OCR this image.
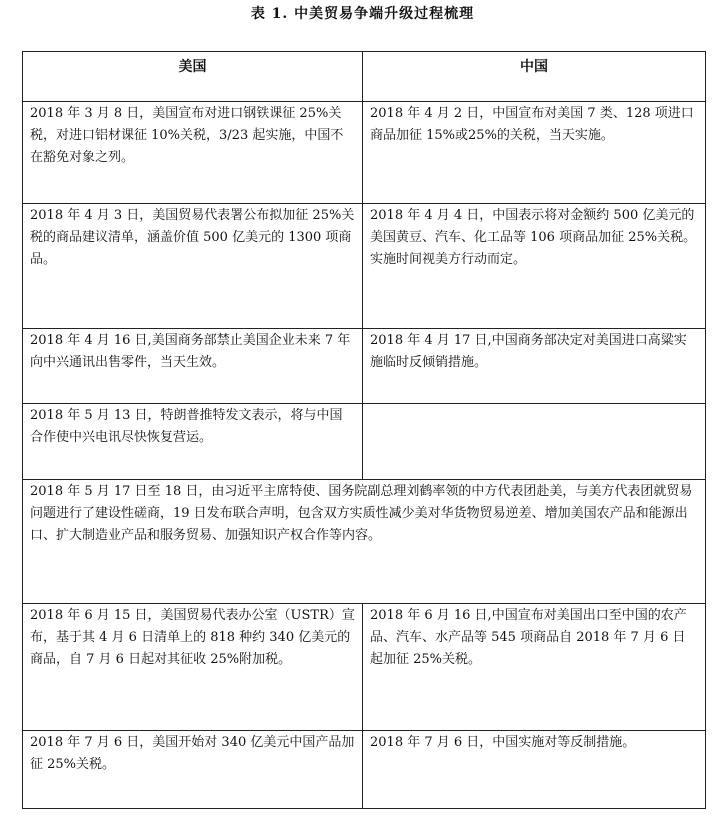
表 1. 中美贸易争端升级过程梳理
美国	中国
2018 年 3 月 8 日，美国宣布对进口钢铁课征 25%关税，对进口铝材课征 10%关税，3/23 起实施，中国不在豁免对象之列。	2018 年 4 月 2 日，中国宣布对美国 7 类、128 项进口商品加征 15%或25%的关税，当天实施。
2018 年 4 月 3 日，美国贸易代表署公布拟加征 25%关税的商品建议清单，涵盖价值 500 亿美元的 1300 项商品。	2018 年 4 月 4 日，中国表示将对金额约 500 亿美元的美国黄豆、汽车、化工品等 106 项商品加征 25%关税。实施时间视美方行动而定。
2018 年 4 月 16 日,美国商务部禁止美国企业未来 7 年向中兴通讯出售零件，当天生效。	2018 年 4 月 17 日,中国商务部决定对美国进口高粱实施临时反倾销措施。
2018 年 5 月 13 日，特朗普推特发文表示，将与中国合作使中兴电讯尽快恢复营运。	
2018 年 5 月 17 日至 18 日，由习近平主席特使、国务院副总理刘鹤率领的中方代表团赴美，与美方代表团就贸易问题进行了建设性磋商，19 日发布联合声明，包含双方实质性减少美对华货物贸易逆差、增加美国农产品和能源出口、扩大制造业产品和服务贸易、加强知识产权合作等内容。	
2018 年 6 月 15 日，美国贸易代表办公室（USTR）宣布，基于其 4 月 6 日清单上的 818 种约 340 亿美元的商品，自 7 月 6 日起对其征收 25%附加税。	2018 年 6 月 16 日,中国宣布对美国出口至中国的农产品、汽车、水产品等 545 项商品自 2018 年 7 月 6 日起加征 25%关税。
2018 年 7 月 6 日，美国开始对 340 亿美元中国产品加征 25%关税。	2018 年 7 月 6 日，中国实施对等反制措施。
